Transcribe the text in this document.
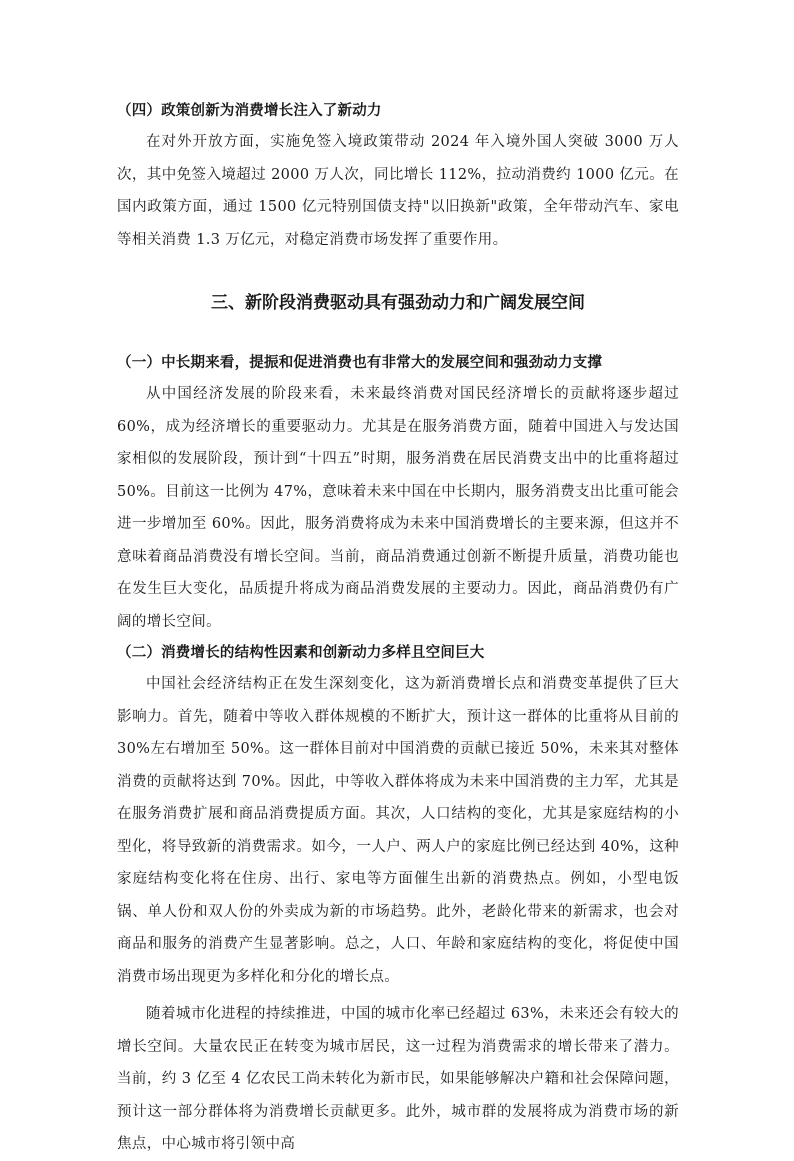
（四）政策创新为消费增长注入了新动力

在对外开放方面，实施免签入境政策带动 2024 年入境外国人突破 3000 万人次，其中免签入境超过 2000 万人次，同比增长 112%，拉动消费约 1000 亿元。在国内政策方面，通过 1500 亿元特别国债支持"以旧换新"政策，全年带动汽车、家电等相关消费 1.3 万亿元，对稳定消费市场发挥了重要作用。

三、新阶段消费驱动具有强劲动力和广阔发展空间

（一）中长期来看，提振和促进消费也有非常大的发展空间和强劲动力支撑

从中国经济发展的阶段来看，未来最终消费对国民经济增长的贡献将逐步超过 60%，成为经济增长的重要驱动力。尤其是在服务消费方面，随着中国进入与发达国家相似的发展阶段，预计到“十四五”时期，服务消费在居民消费支出中的比重将超过 50%。目前这一比例为 47%，意味着未来中国在中长期内，服务消费支出比重可能会进一步增加至 60%。因此，服务消费将成为未来中国消费增长的主要来源，但这并不意味着商品消费没有增长空间。当前，商品消费通过创新不断提升质量，消费功能也在发生巨大变化，品质提升将成为商品消费发展的主要动力。因此，商品消费仍有广阔的增长空间。

（二）消费增长的结构性因素和创新动力多样且空间巨大

中国社会经济结构正在发生深刻变化，这为新消费增长点和消费变革提供了巨大影响力。首先，随着中等收入群体规模的不断扩大，预计这一群体的比重将从目前的 30%左右增加至 50%。这一群体目前对中国消费的贡献已接近 50%，未来其对整体消费的贡献将达到 70%。因此，中等收入群体将成为未来中国消费的主力军，尤其是在服务消费扩展和商品消费提质方面。其次，人口结构的变化，尤其是家庭结构的小型化，将导致新的消费需求。如今，一人户、两人户的家庭比例已经达到 40%，这种家庭结构变化将在住房、出行、家电等方面催生出新的消费热点。例如，小型电饭锅、单人份和双人份的外卖成为新的市场趋势。此外，老龄化带来的新需求，也会对商品和服务的消费产生显著影响。总之，人口、年龄和家庭结构的变化，将促使中国消费市场出现更为多样化和分化的增长点。

随着城市化进程的持续推进，中国的城市化率已经超过 63%，未来还会有较大的增长空间。大量农民正在转变为城市居民，这一过程为消费需求的增长带来了潜力。当前，约 3 亿至 4 亿农民工尚未转化为新市民，如果能够解决户籍和社会保障问题，预计这一部分群体将为消费增长贡献更多。此外，城市群的发展将成为消费市场的新焦点，中心城市将引领中高
